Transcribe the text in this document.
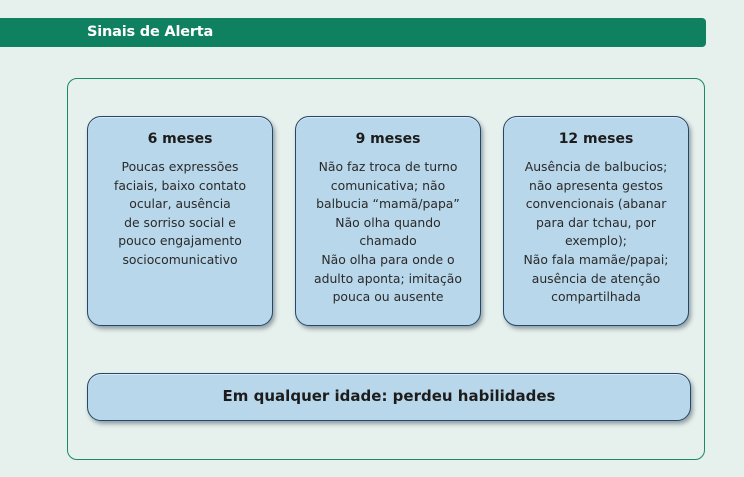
Sinais de Alerta
6 meses
Poucas expressões
faciais, baixo contato
ocular, ausência
de sorriso social e
pouco engajamento
sociocomunicativo
9 meses
Não faz troca de turno
comunicativa; não
balbucia “mamã/papa”
Não olha quando
chamado
Não olha para onde o
adulto aponta; imitação
pouca ou ausente
12 meses
Ausência de balbucios;
não apresenta gestos
convencionais (abanar
para dar tchau, por
exemplo);
Não fala mamãe/papai;
ausência de atenção
compartilhada
Em qualquer idade: perdeu habilidades
